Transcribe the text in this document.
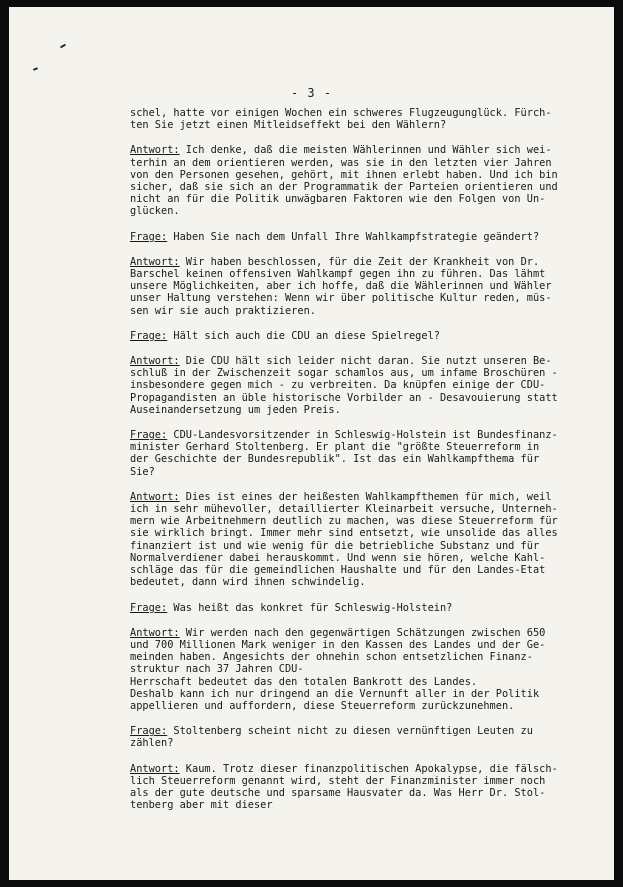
- 3 -

schel, hatte vor einigen Wochen ein schweres Flugzeugunglück. Fürch-
ten Sie jetzt einen Mitleidseffekt bei den Wählern?

Antwort: Ich denke, daß die meisten Wählerinnen und Wähler sich wei-
terhin an dem orientieren werden, was sie in den letzten vier Jahren
von den Personen gesehen, gehört, mit ihnen erlebt haben. Und ich bin
sicher, daß sie sich an der Programmatik der Parteien orientieren und
nicht an für die Politik unwägbaren Faktoren wie den Folgen von Un-
glücken.

Frage: Haben Sie nach dem Unfall Ihre Wahlkampfstrategie geändert?

Antwort: Wir haben beschlossen, für die Zeit der Krankheit von Dr.
Barschel keinen offensiven Wahlkampf gegen ihn zu führen. Das lähmt
unsere Möglichkeiten, aber ich hoffe, daß die Wählerinnen und Wähler
unser Haltung verstehen: Wenn wir über politische Kultur reden, müs-
sen wir sie auch praktizieren.

Frage: Hält sich auch die CDU an diese Spielregel?

Antwort: Die CDU hält sich leider nicht daran. Sie nutzt unseren Be-
schluß in der Zwischenzeit sogar schamlos aus, um infame Broschüren -
insbesondere gegen mich - zu verbreiten. Da knüpfen einige der CDU-
Propagandisten an üble historische Vorbilder an - Desavouierung statt
Auseinandersetzung um jeden Preis.

Frage: CDU-Landesvorsitzender in Schleswig-Holstein ist Bundesfinanz-
minister Gerhard Stoltenberg. Er plant die "größte Steuerreform in
der Geschichte der Bundesrepublik". Ist das ein Wahlkampfthema für
Sie?

Antwort: Dies ist eines der heißesten Wahlkampfthemen für mich, weil
ich in sehr mühevoller, detaillierter Kleinarbeit versuche, Unterneh-
mern wie Arbeitnehmern deutlich zu machen, was diese Steuerreform für
sie wirklich bringt. Immer mehr sind entsetzt, wie unsolide das alles
finanziert ist und wie wenig für die betriebliche Substanz und für
Normalverdiener dabei herauskommt. Und wenn sie hören, welche Kahl-
schläge das für die gemeindlichen Haushalte und für den Landes-Etat
bedeutet, dann wird ihnen schwindelig.

Frage: Was heißt das konkret für Schleswig-Holstein?

Antwort: Wir werden nach den gegenwärtigen Schätzungen zwischen 650
und 700 Millionen Mark weniger in den Kassen des Landes und der Ge-
meinden haben. Angesichts der ohnehin schon entsetzlichen Finanz-
struktur nach 37 Jahren CDU-
Herrschaft bedeutet das den totalen Bankrott des Landes.
Deshalb kann ich nur dringend an die Vernunft aller in der Politik
appellieren und auffordern, diese Steuerreform zurückzunehmen.

Frage: Stoltenberg scheint nicht zu diesen vernünftigen Leuten zu
zählen?

Antwort: Kaum. Trotz dieser finanzpolitischen Apokalypse, die fälsch-
lich Steuerreform genannt wird, steht der Finanzminister immer noch
als der gute deutsche und sparsame Hausvater da. Was Herr Dr. Stol-
tenberg aber mit dieser
